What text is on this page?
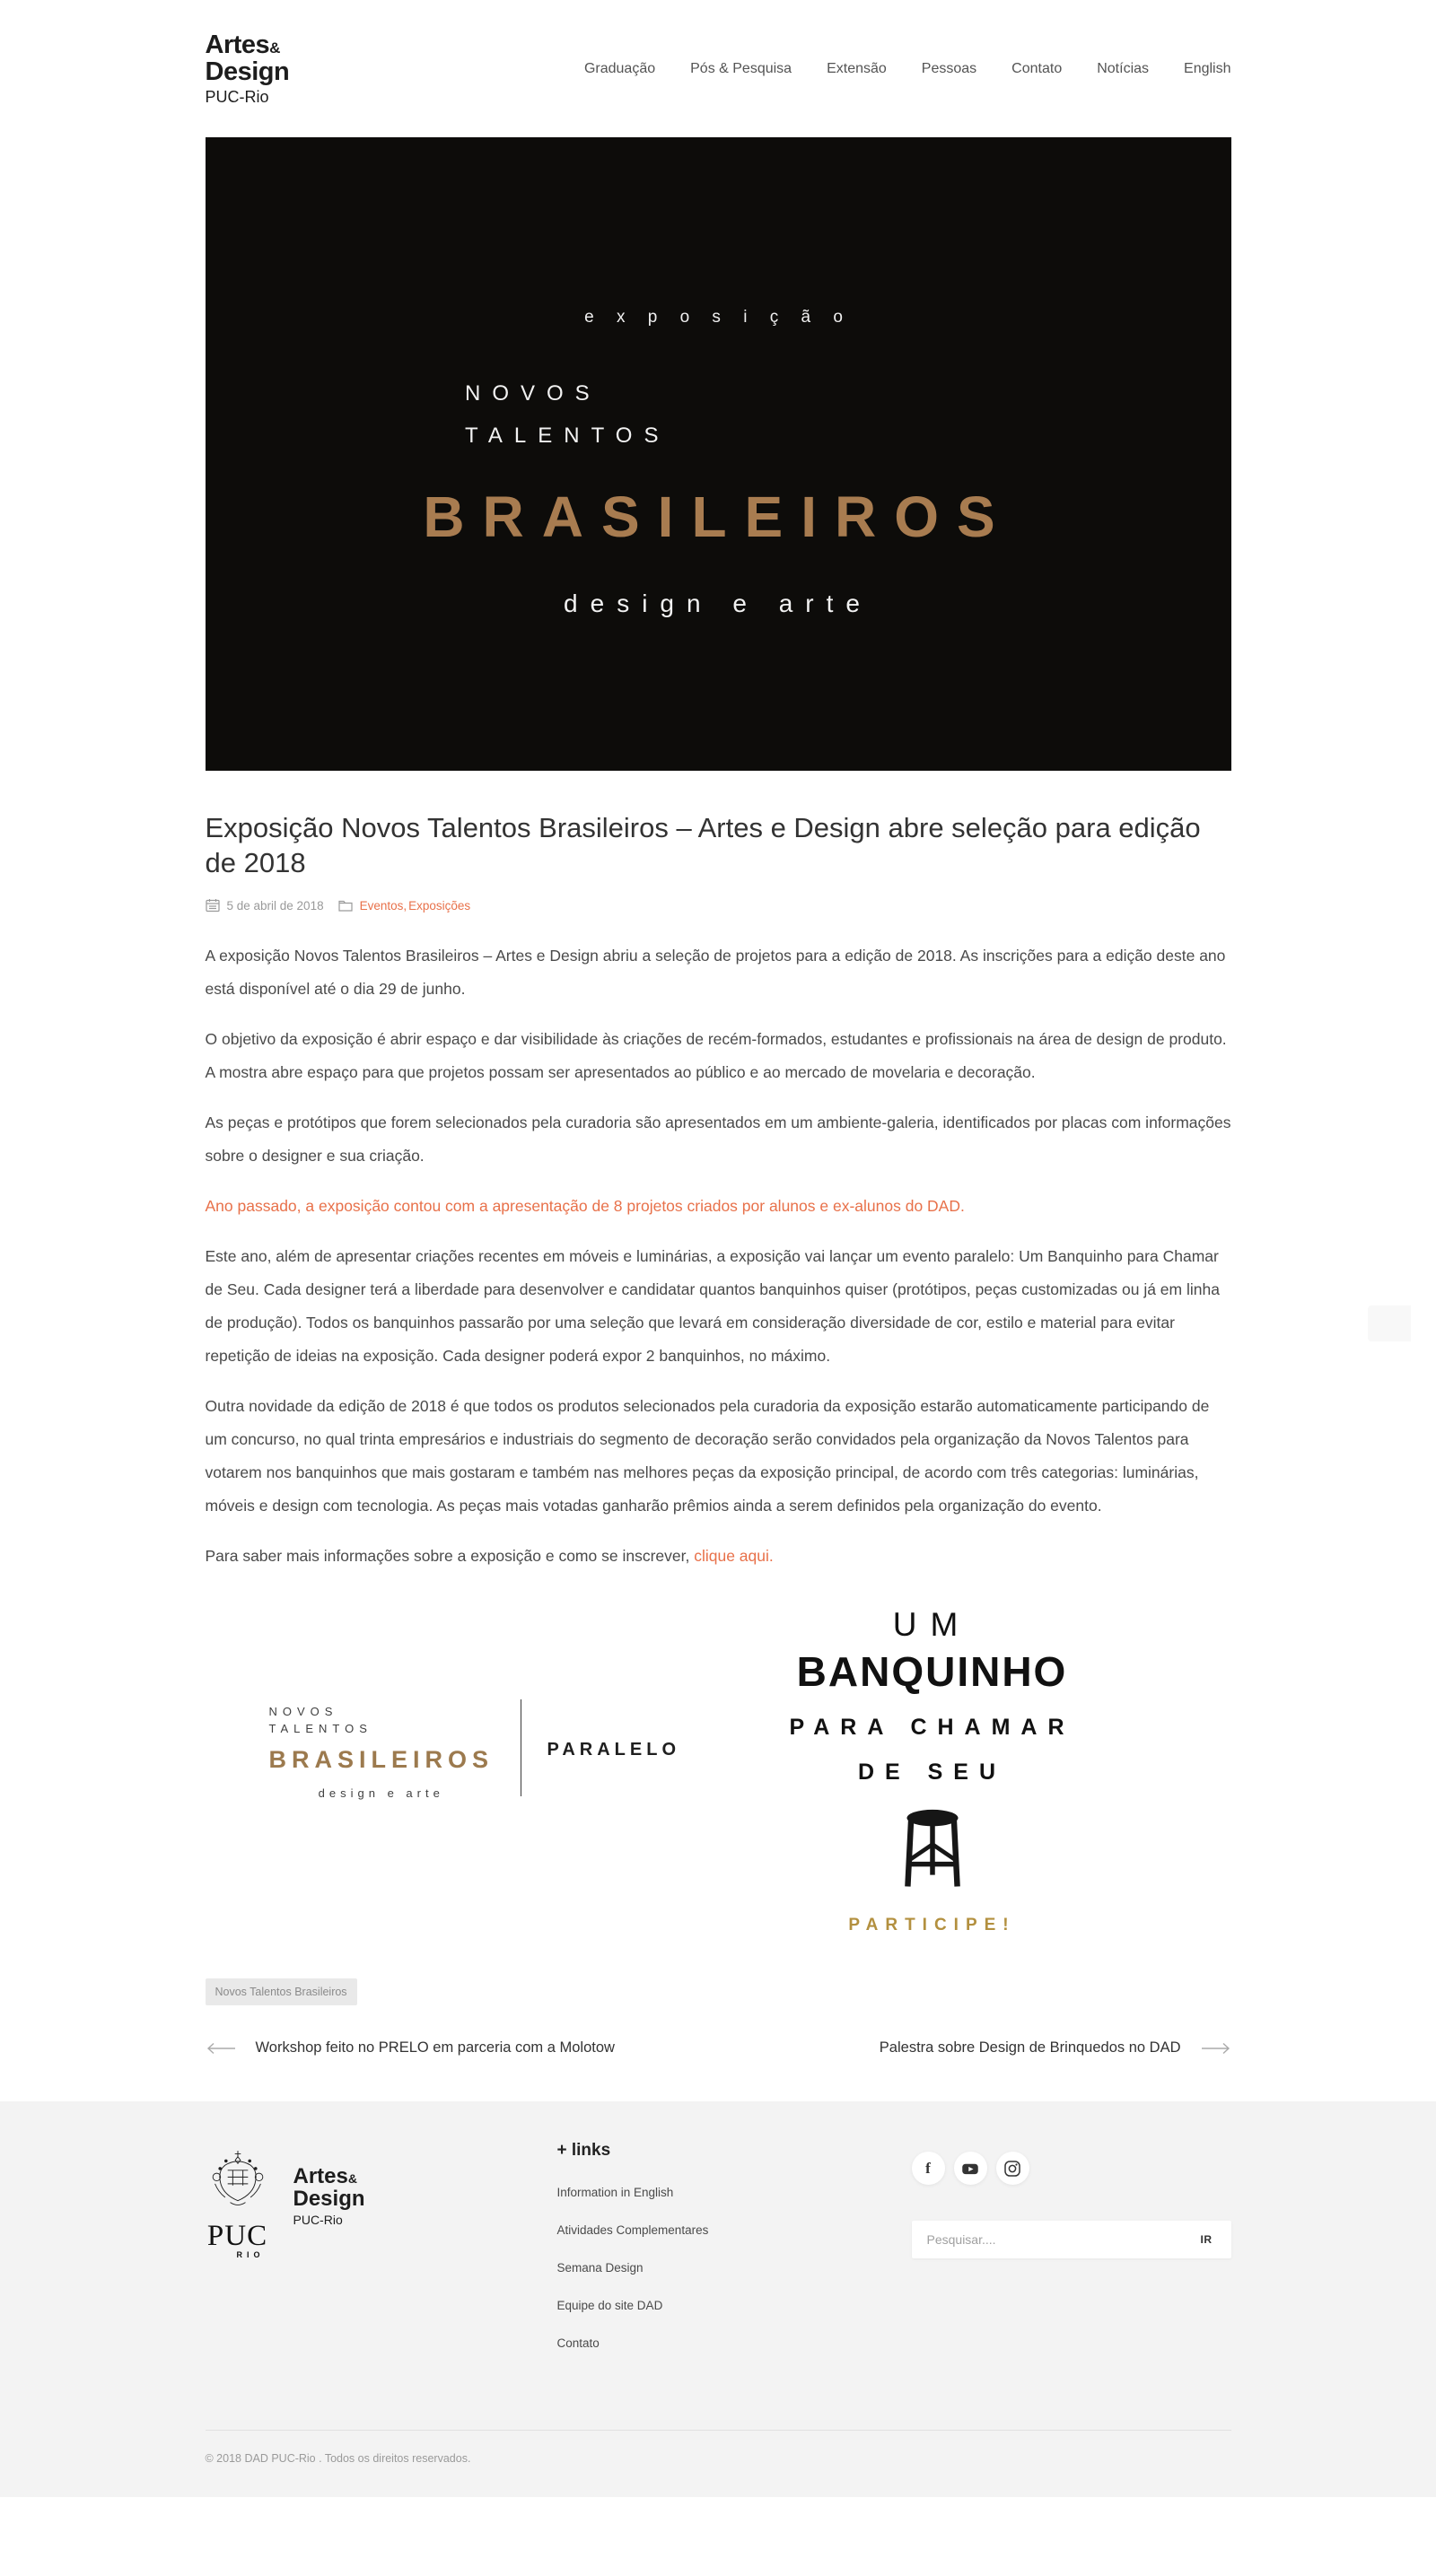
Artes&
Design
PUC-Rio
Graduação Pós & Pesquisa Extensão Pessoas Contato Notícias English
e x p o s i ç ã o
NOVOS
TALENTOS
BRASILEIROS
design e arte
Exposição Novos Talentos Brasileiros – Artes e Design abre seleção para edição de 2018
5 de abril de 2018	Eventos , Exposições

A exposição Novos Talentos Brasileiros – Artes e Design abriu a seleção de projetos para a edição de 2018. As inscrições para a edição deste ano está disponível até o dia 29 de junho.

O objetivo da exposição é abrir espaço e dar visibilidade às criações de recém-formados, estudantes e profissionais na área de design de produto. A mostra abre espaço para que projetos possam ser apresentados ao público e ao mercado de movelaria e decoração.

As peças e protótipos que forem selecionados pela curadoria são apresentados em um ambiente-galeria, identificados por placas com informações sobre o designer e sua criação.

Ano passado, a exposição contou com a apresentação de 8 projetos criados por alunos e ex-alunos do DAD.

Este ano, além de apresentar criações recentes em móveis e luminárias, a exposição vai lançar um evento paralelo: Um Banquinho para Chamar de Seu. Cada designer terá a liberdade para desenvolver e candidatar quantos banquinhos quiser (protótipos, peças customizadas ou já em linha de produção). Todos os banquinhos passarão por uma seleção que levará em consideração diversidade de cor, estilo e material para evitar repetição de ideias na exposição. Cada designer poderá expor 2 banquinhos, no máximo.

Outra novidade da edição de 2018 é que todos os produtos selecionados pela curadoria da exposição estarão automaticamente participando de um concurso, no qual trinta empresários e industriais do segmento de decoração serão convidados pela organização da Novos Talentos para votarem nos banquinhos que mais gostaram e também nas melhores peças da exposição principal, de acordo com três categorias: luminárias, móveis e design com tecnologia. As peças mais votadas ganharão prêmios ainda a serem definidos pela organização do evento.

Para saber mais informações sobre a exposição e como se inscrever, clique aqui.

NOVOS
TALENTOS
BRASILEIROS
design e arte
PARALELO
UM
BANQUINHO
PARA CHAMAR
DE SEU
PARTICIPE!
Novos Talentos Brasileiros
Workshop feito no PRELO em parceria com a Molotow	Palestra sobre Design de Brinquedos no DAD
PUC
RIO
Artes&
Design
PUC-Rio
+ links
Information in English
Atividades Complementares
Semana Design
Equipe do site DAD
Contato
f
Pesquisar....
IR
© 2018 DAD PUC-Rio . Todos os direitos reservados.
